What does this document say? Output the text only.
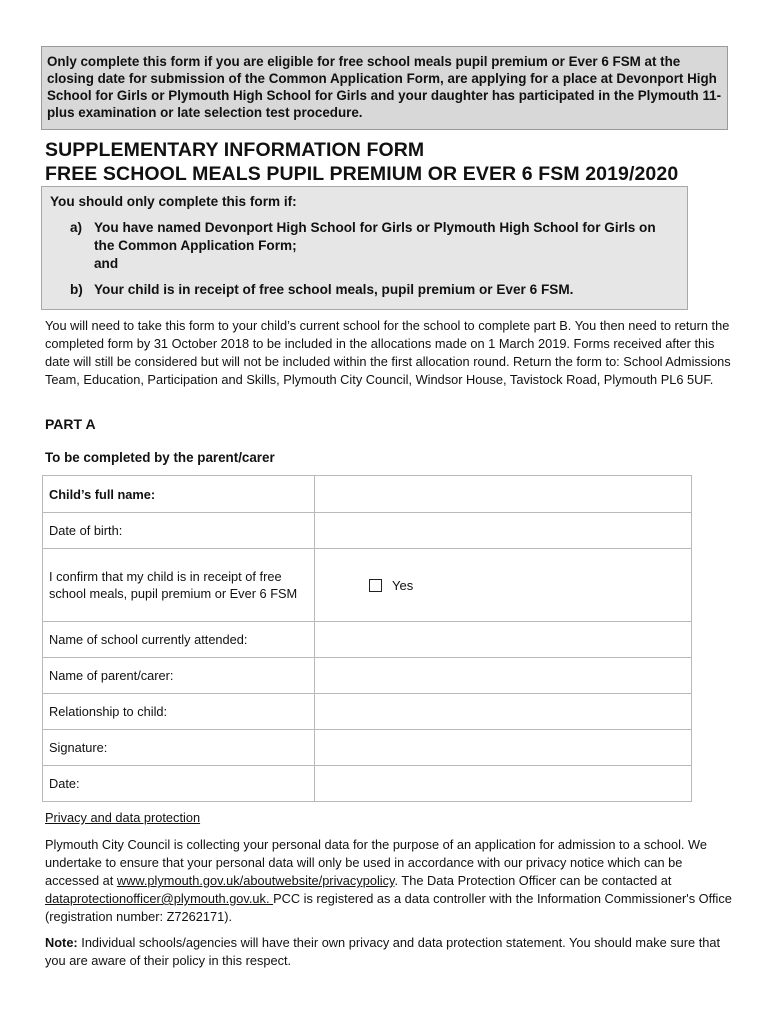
Only complete this form if you are eligible for free school meals pupil premium or Ever 6 FSM at the closing date for submission of the Common Application Form, are applying for a place at Devonport High School for Girls or Plymouth High School for Girls and your daughter has participated in the Plymouth 11-plus examination or late selection test procedure.
SUPPLEMENTARY INFORMATION FORM
FREE SCHOOL MEALS PUPIL PREMIUM OR EVER 6 FSM 2019/2020
You should only complete this form if:
a) You have named Devonport High School for Girls or Plymouth High School for Girls on the Common Application Form;
and
b) Your child is in receipt of free school meals, pupil premium or Ever 6 FSM.
You will need to take this form to your child’s current school for the school to complete part B. You then need to return the completed form by 31 October 2018 to be included in the allocations made on 1 March 2019. Forms received after this date will still be considered but will not be included within the first allocation round. Return the form to: School Admissions Team, Education, Participation and Skills, Plymouth City Council, Windsor House, Tavistock Road, Plymouth PL6 5UF.
PART A
To be completed by the parent/carer
Child’s full name:	
Date of birth:	
I confirm that my child is in receipt of free school meals, pupil premium or Ever 6 FSM	Yes
Name of school currently attended:	
Name of parent/carer:	
Relationship to child:	
Signature:	
Date:	
Privacy and data protection
Plymouth City Council is collecting your personal data for the purpose of an application for admission to a school. We undertake to ensure that your personal data will only be used in accordance with our privacy notice which can be accessed at www.plymouth.gov.uk/aboutwebsite/privacypolicy. The Data Protection Officer can be contacted at dataprotectionofficer@plymouth.gov.uk. PCC is registered as a data controller with the Information Commissioner's Office (registration number: Z7262171).
Note: Individual schools/agencies will have their own privacy and data protection statement. You should make sure that you are aware of their policy in this respect.
